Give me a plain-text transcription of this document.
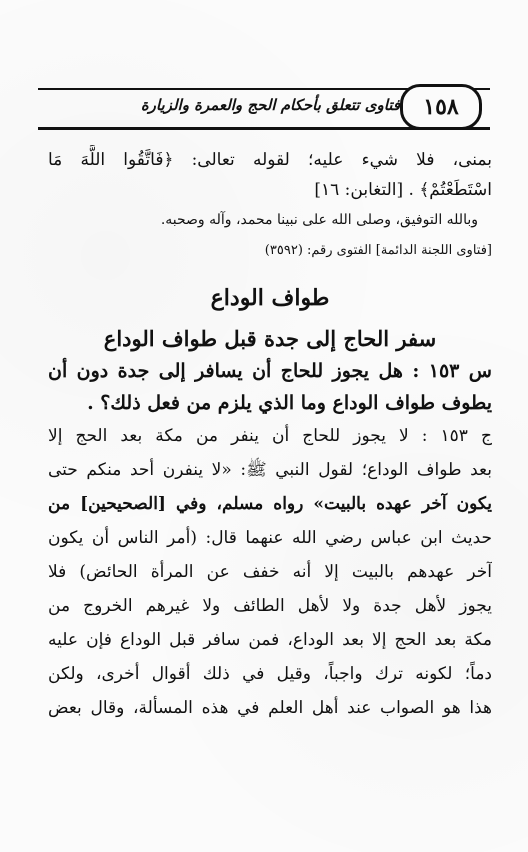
فتاوى تتعلق بأحكام الحج والعمرة والزيارة	١٥٨
بمنى، فلا شيء عليه؛ لقوله تعالى: ﴿فَاتَّقُوا اللَّهَ مَا
اسْتَطَعْتُمْ﴾ . [التغابن: ١٦]
وبالله التوفيق، وصلى الله على نبينا محمد، وآله وصحبه.
[فتاوى اللجنة الدائمة] الفتوى رقم: (٣٥٩٢)
طواف الوداع
سفر الحاج إلى جدة قبل طواف الوداع
س ١٥٣ : هل يجوز للحاج أن يسافر إلى جدة دون أن
يطوف طواف الوداع وما الذي يلزم من فعل ذلك؟ .
ج ١٥٣ : لا يجوز للحاج أن ينفر من مكة بعد الحج إلا
بعد طواف الوداع؛ لقول النبي ﷺ: «لا ينفرن أحد منكم حتى
يكون آخر عهده بالبيت» رواه مسلم، وفي [الصحيحين] من
حديث ابن عباس رضي الله عنهما قال: (أمر الناس أن يكون
آخر عهدهم بالبيت إلا أنه خفف عن المرأة الحائض) فلا
يجوز لأهل جدة ولا لأهل الطائف ولا غيرهم الخروج من
مكة بعد الحج إلا بعد الوداع، فمن سافر قبل الوداع فإن عليه
دماً؛ لكونه ترك واجباً، وقيل في ذلك أقوال أخرى، ولكن
هذا هو الصواب عند أهل العلم في هذه المسألة، وقال بعض
